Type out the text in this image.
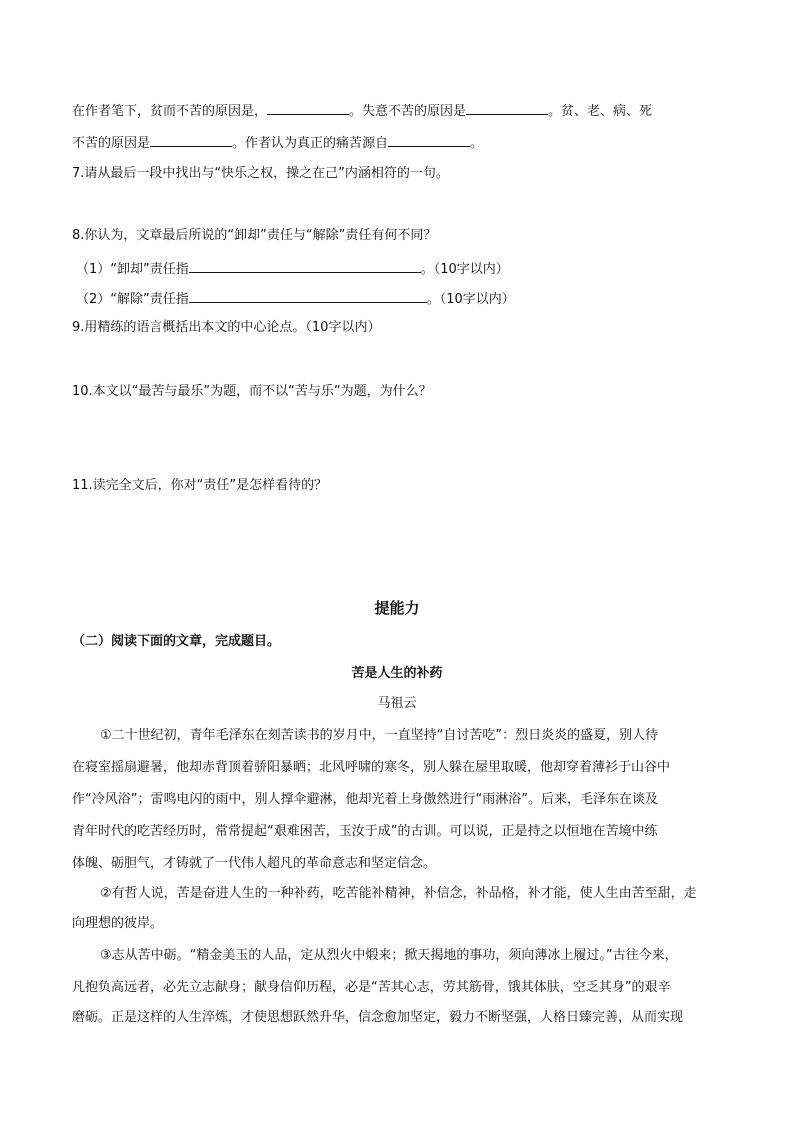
在作者笔下，贫而不苦的原因是，	。失意不苦的原因是	。贫、老、病、死
不苦的原因是	。作者认为真正的痛苦源自	。
7.请从最后一段中找出与“快乐之权，操之在己”内涵相符的一句。
8.你认为，文章最后所说的“卸却”责任与“解除”责任有何不同？
（1）“卸却”责任指	。（10字以内）
（2）“解除”责任指	。（10字以内）
9.用精练的语言概括出本文的中心论点。（10字以内）
10.本文以“最苦与最乐”为题，而不以“苦与乐”为题，为什么？
11.读完全文后，你对“责任”是怎样看待的？
提能力
（二）阅读下面的文章，完成题目。
苦是人生的补药
马祖云
①二十世纪初，青年毛泽东在刻苦读书的岁月中，一直坚持“自讨苦吃”：烈日炎炎的盛夏，别人待
在寝室摇扇避暑，他却赤背顶着骄阳暴晒；北风呼啸的寒冬，别人躲在屋里取暖，他却穿着薄衫于山谷中
作“冷风浴”；雷鸣电闪的雨中，别人撑伞避淋，他却光着上身傲然进行“雨淋浴”。后来，毛泽东在谈及
青年时代的吃苦经历时，常常提起“艰难困苦，玉汝于成”的古训。可以说，正是持之以恒地在苦境中练
体魄、砺胆气，才铸就了一代伟人超凡的革命意志和坚定信念。
②有哲人说，苦是奋进人生的一种补药，吃苦能补精神，补信念，补品格，补才能，使人生由苦至甜，走
向理想的彼岸。
③志从苦中砺。“精金美玉的人品，定从烈火中煅来；掀天揭地的事功，须向薄冰上履过。”古往今来，
凡抱负高远者，必先立志献身；献身信仰历程，必是“苦其心志，劳其筋骨，饿其体肤，空乏其身”的艰辛
磨砺。正是这样的人生淬炼，才使思想跃然升华，信念愈加坚定，毅力不断坚强，人格日臻完善，从而实现
